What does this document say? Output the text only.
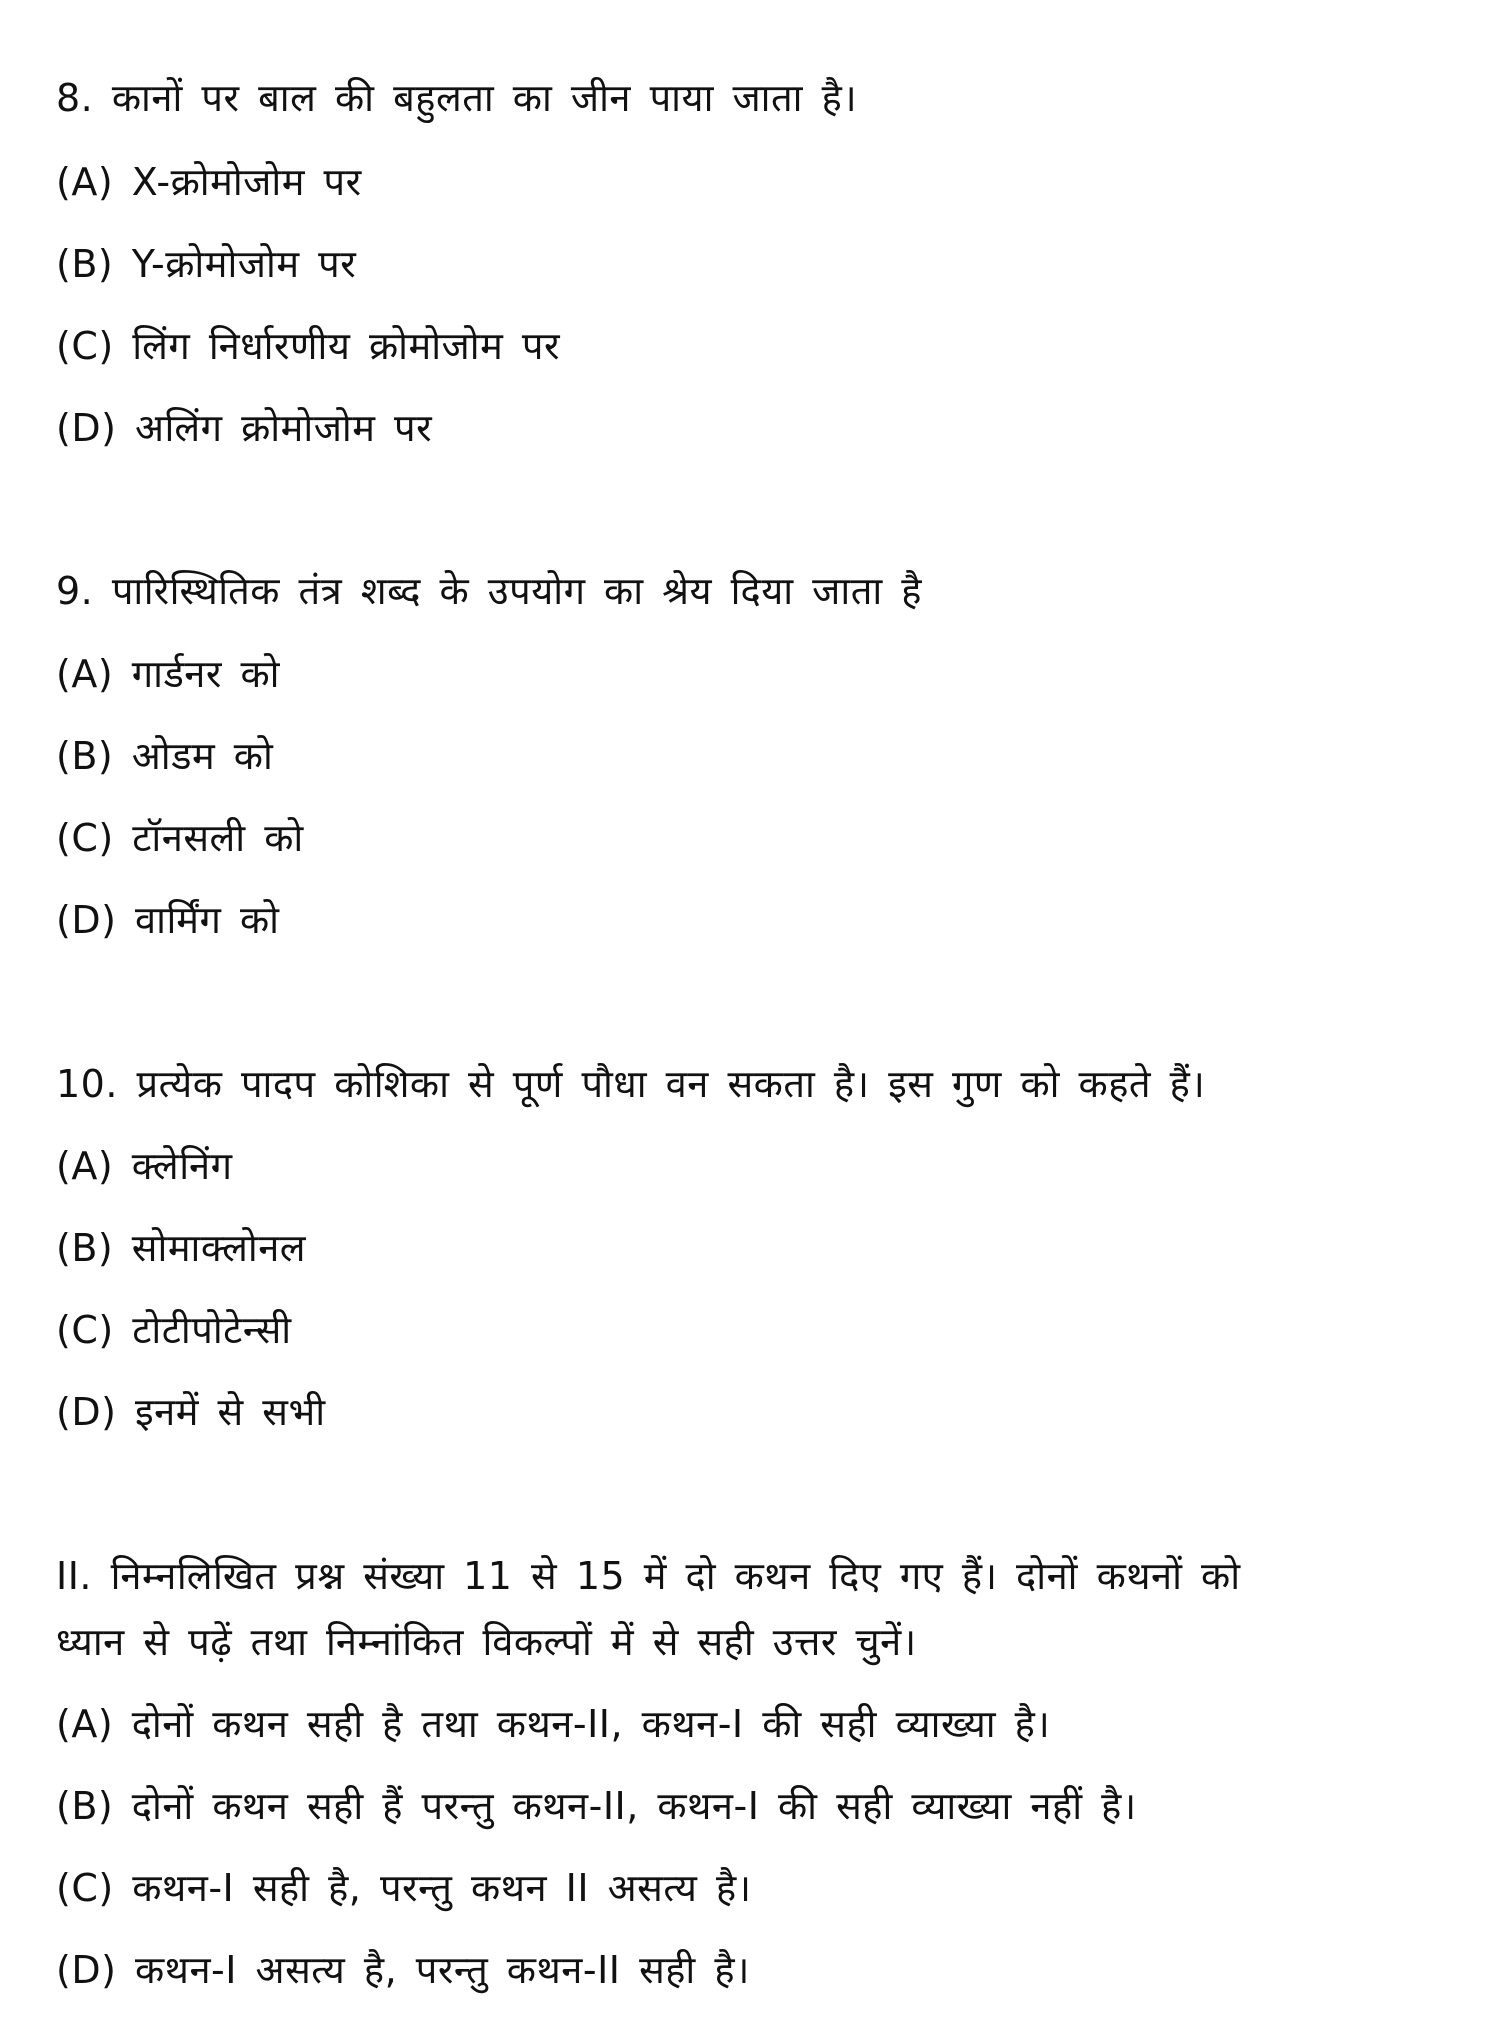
8. कानों पर बाल की बहुलता का जीन पाया जाता है।
(A) X-क्रोमोजोम पर
(B) Y-क्रोमोजोम पर
(C) लिंग निर्धारणीय क्रोमोजोम पर
(D) अलिंग क्रोमोजोम पर
9. पारिस्थितिक तंत्र शब्द के उपयोग का श्रेय दिया जाता है
(A) गार्डनर को
(B) ओडम को
(C) टॉनसली को
(D) वार्मिंग को
10. प्रत्येक पादप कोशिका से पूर्ण पौधा वन सकता है। इस गुण को कहते हैं।
(A) क्लेनिंग
(B) सोमाक्लोनल
(C) टोटीपोटेन्सी
(D) इनमें से सभी
II. निम्नलिखित प्रश्न संख्या 11 से 15 में दो कथन दिए गए हैं। दोनों कथनों को
ध्यान से पढ़ें तथा निम्नांकित विकल्पों में से सही उत्तर चुनें।
(A) दोनों कथन सही है तथा कथन-II, कथन-I की सही व्याख्या है।
(B) दोनों कथन सही हैं परन्तु कथन-II, कथन-I की सही व्याख्या नहीं है।
(C) कथन-I सही है, परन्तु कथन II असत्य है।
(D) कथन-I असत्य है, परन्तु कथन-II सही है।
